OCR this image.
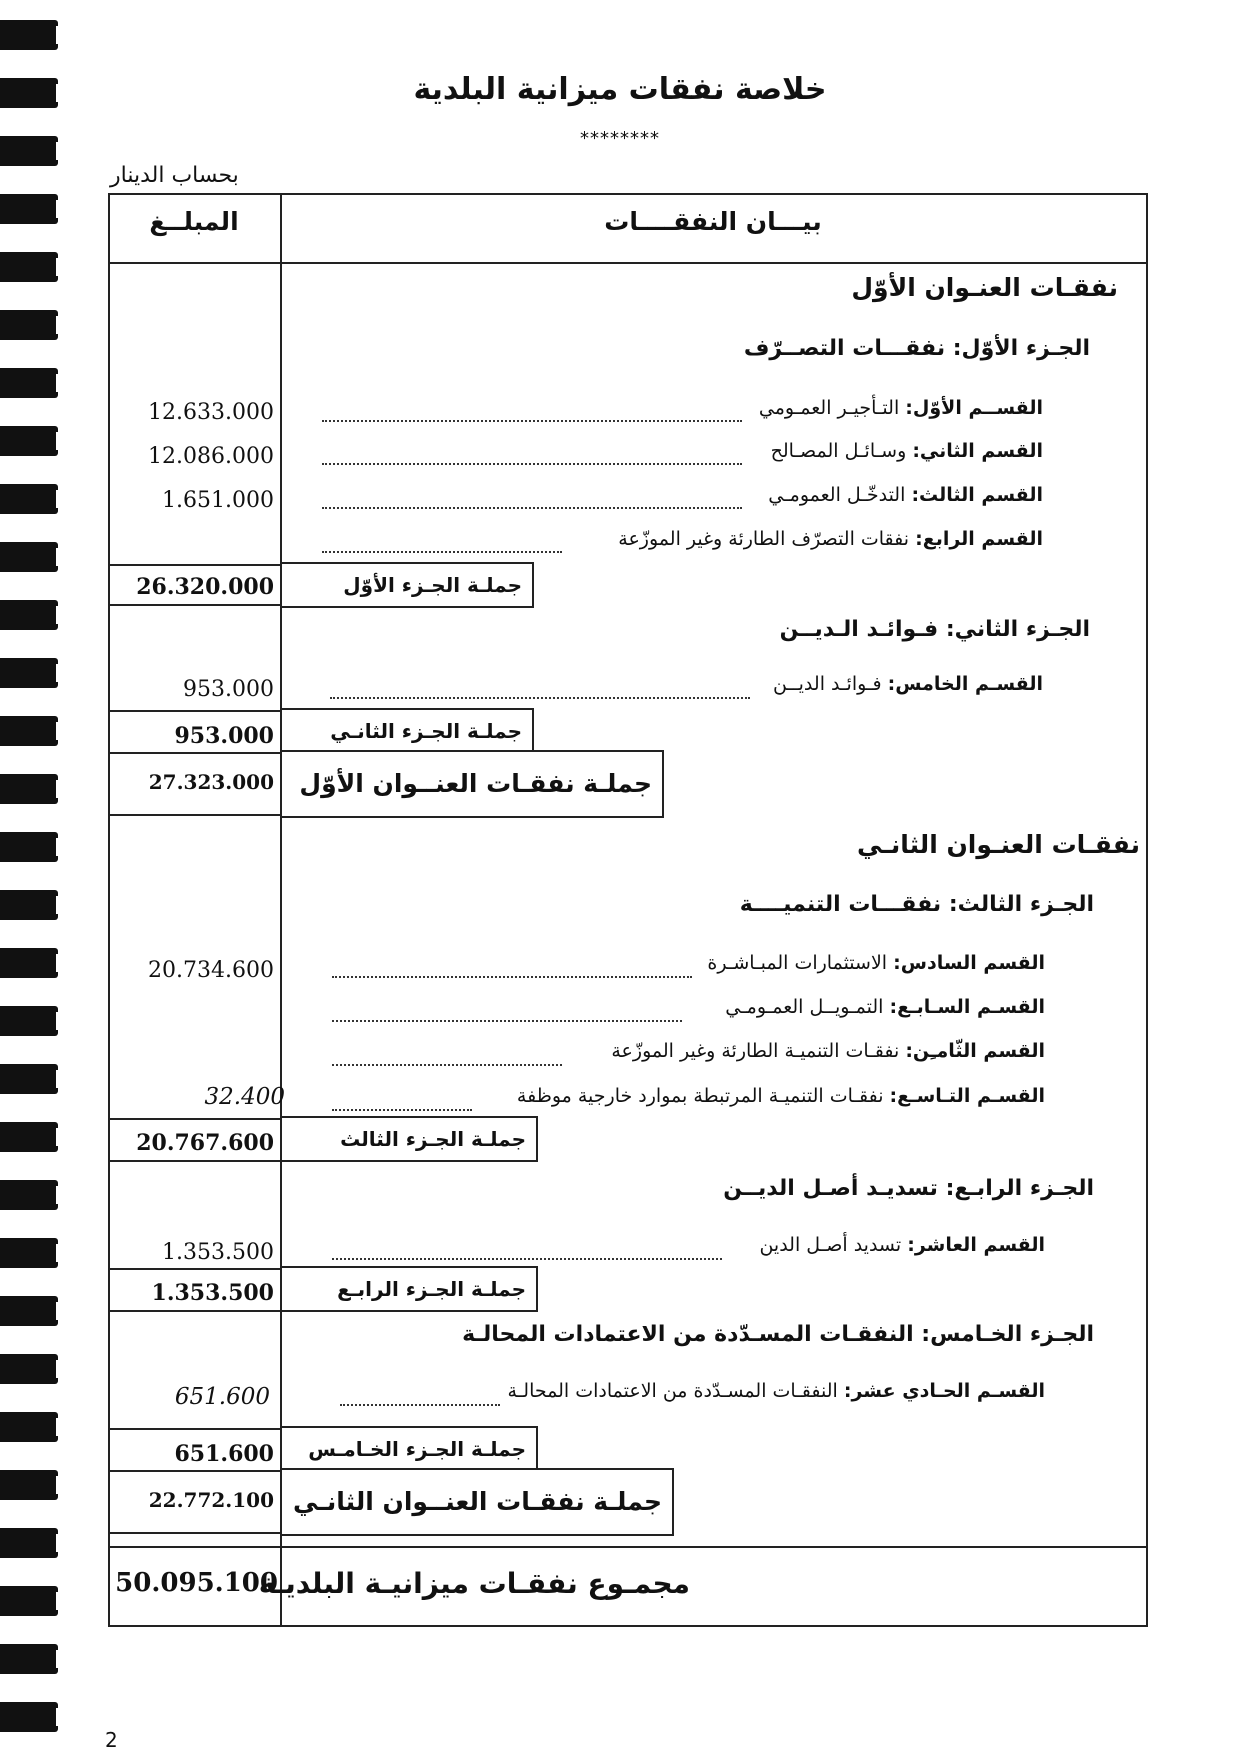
خلاصة نفقات ميزانية البلدية
********
بحساب الدينار
بيـــان النفقــــات
المبلــغ
نفقـات العنـوان الأوّل
الجـزء الأوّل: نفقـــات التصــرّف
القســم الأوّل: التـأجيـر العمـومي
12.633.000
القسم الثاني: وسـائـل المصـالح
12.086.000
القسم الثالث: التدخّـل العمومـي
1.651.000
القسم الرابع: نفقات التصرّف الطارئة وغير الموزّعة
جملـة الجـزء الأوّل
26.320.000
الجـزء الثاني: فـوائـد الـديــن
القسـم الخامس: فـوائـد الديــن
953.000
جملـة الجـزء الثانـي
953.000
جملـة نفقـات العنــوان الأوّل
27.323.000
نفقـات العنـوان الثانـي
الجـزء الثالث: نفقـــات التنميــــة
القسم السادس: الاستثمارات المبـاشـرة
20.734.600
القسـم السـابـع: التمـويــل العمـومـي
القسم الثّامـِن: نفقـات التنميـة الطارئة وغير الموزّعة
القسـم التـاسـع: نفقـات التنميـة المرتبطة بموارد خارجية موظفة
32.400
جملـة الجـزء الثالث
20.767.600
الجـزء الرابـع: تسديـد أصـل الديــن
القسم العاشر: تسديد أصـل الدين
1.353.500
جملـة الجـزء الرابـع
1.353.500
الجـزء الخـامس: النفقـات المسـدّدة من الاعتمادات المحالـة
القسـم الحـادي عشر: النفقـات المسـدّدة من الاعتمادات المحالـة
651.600
جملـة الجـزء الخـامـس
651.600
جملـة نفقـات العنــوان الثانـي
22.772.100
مجمـوع نفقـات ميزانيـة البلديـة
50.095.100
2
